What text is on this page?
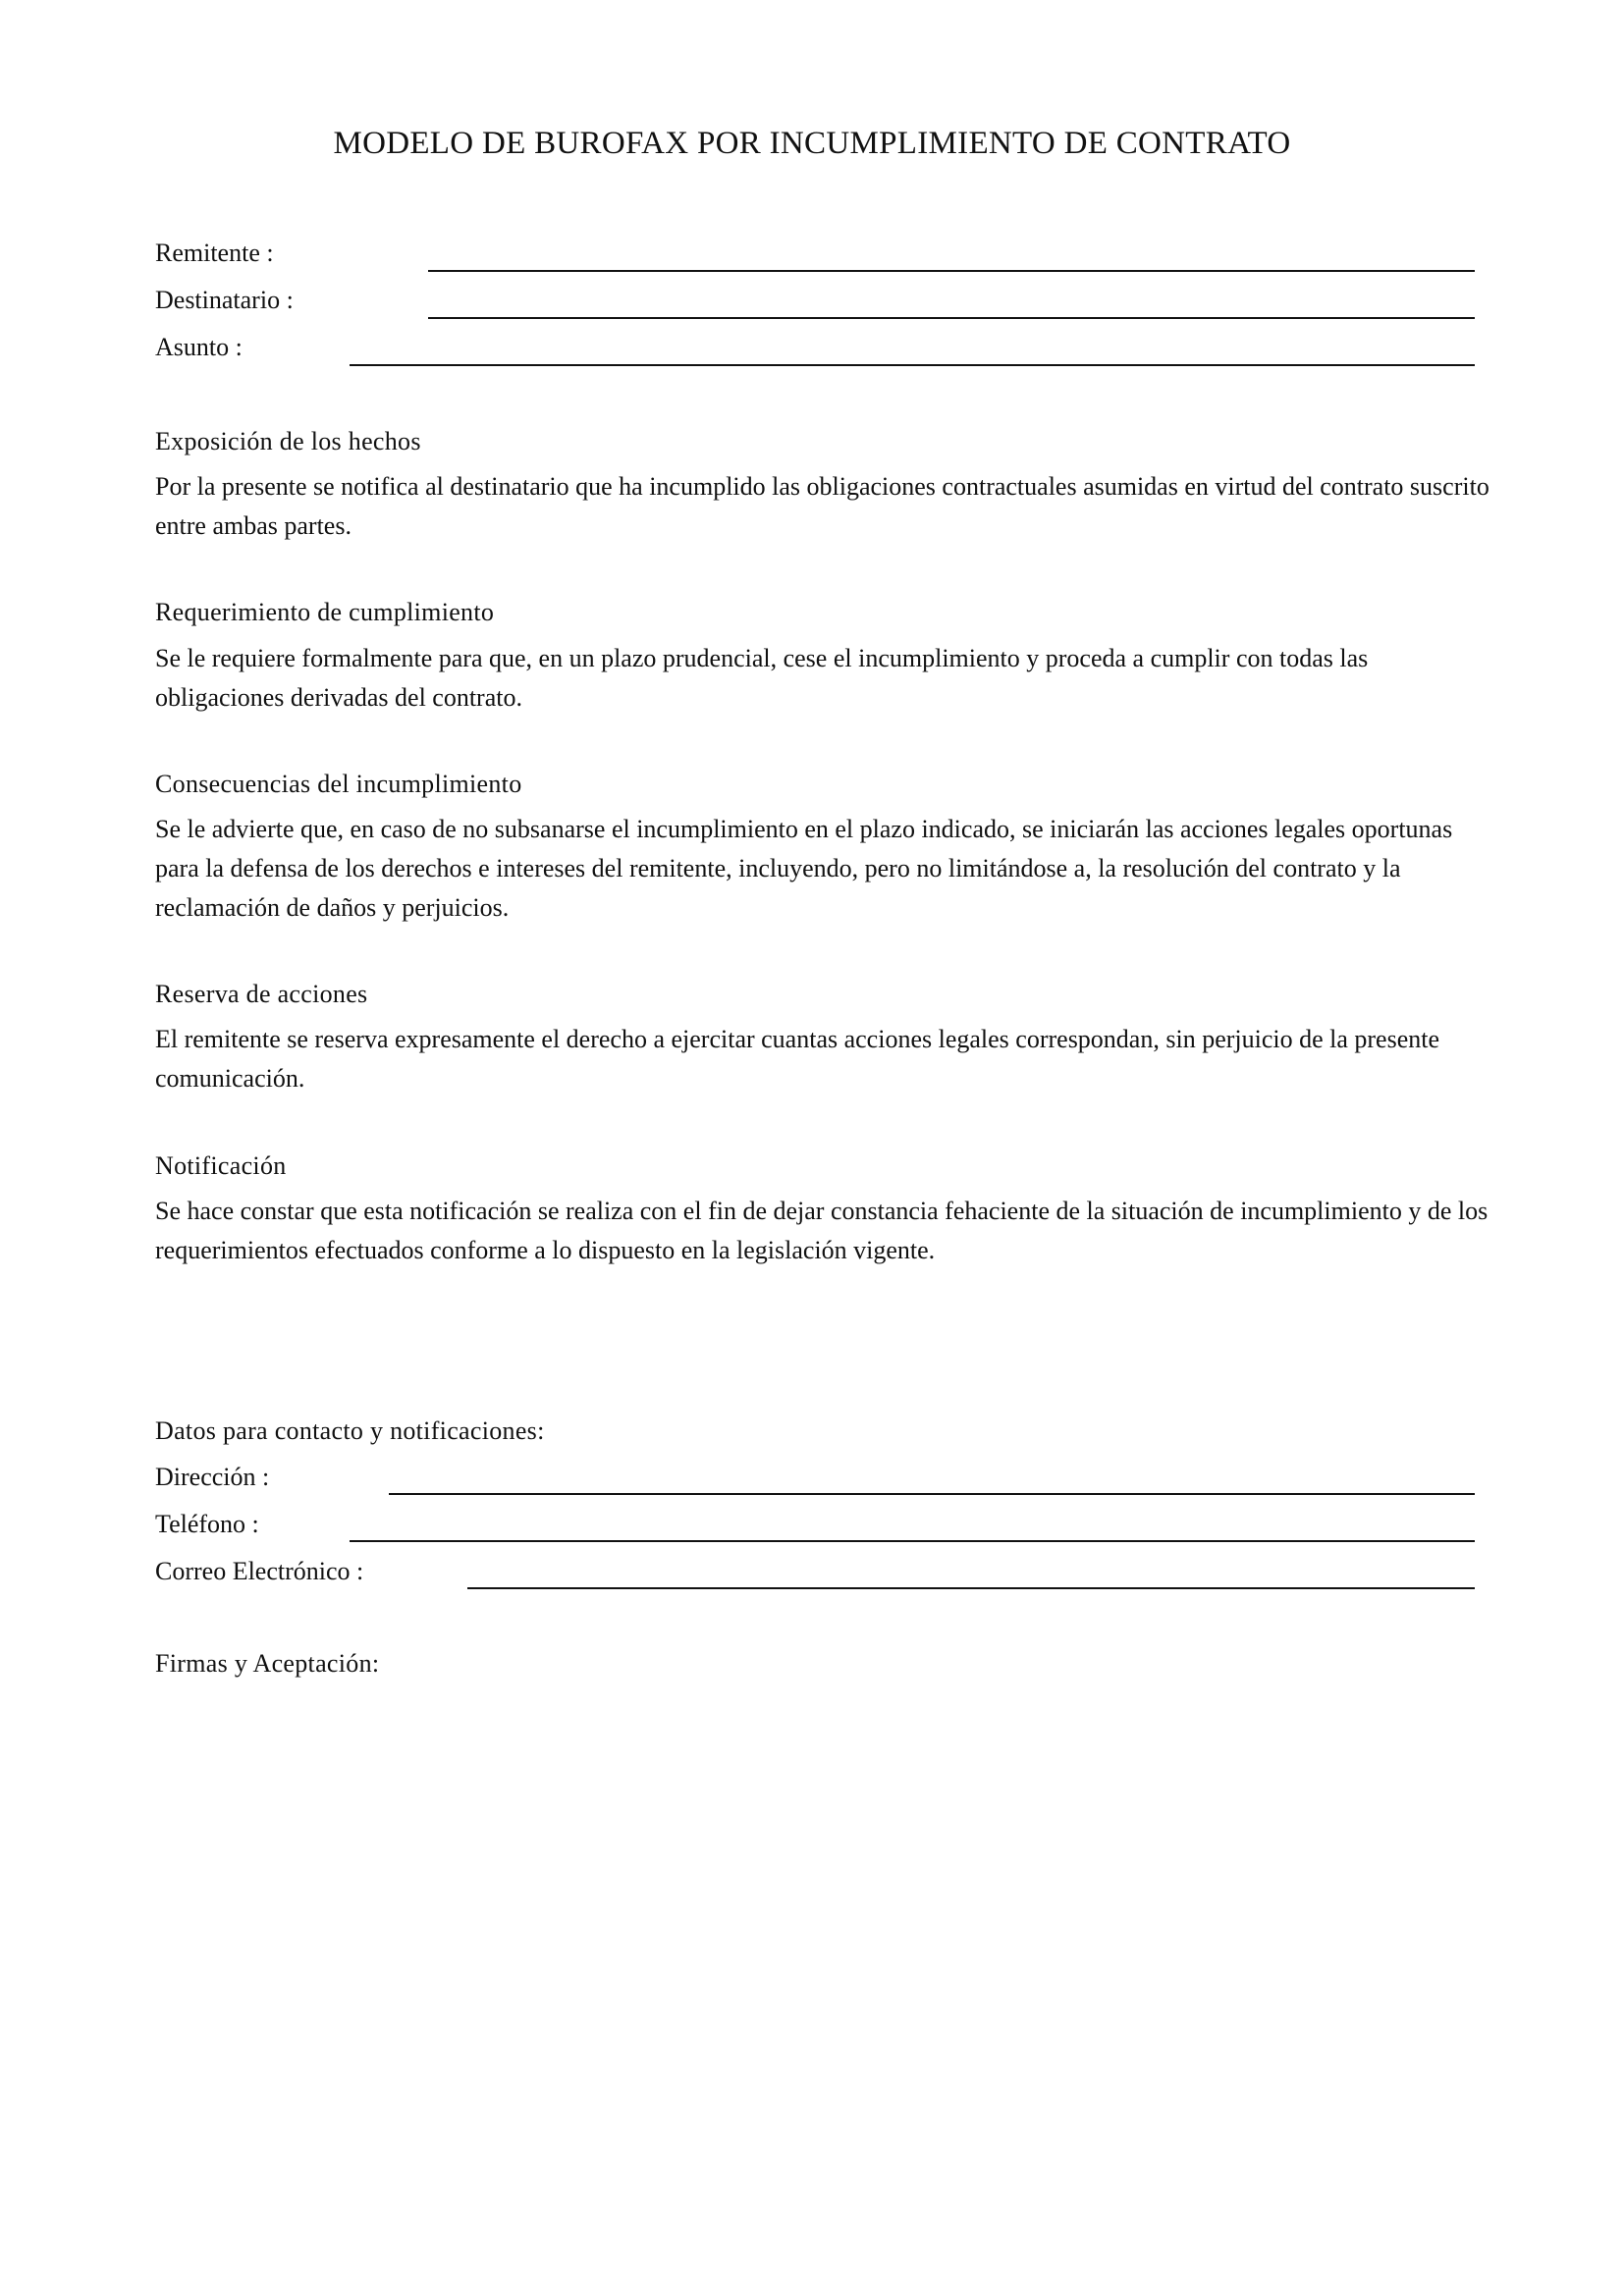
MODELO DE BUROFAX POR INCUMPLIMIENTO DE CONTRATO
Remitente :
Destinatario :
Asunto :
Exposición de los hechos

Por la presente se notifica al destinatario que ha incumplido las obligaciones contractuales asumidas en virtud del contrato suscrito entre ambas partes.

Requerimiento de cumplimiento

Se le requiere formalmente para que, en un plazo prudencial, cese el incumplimiento y proceda a cumplir con todas las obligaciones derivadas del contrato.

Consecuencias del incumplimiento

Se le advierte que, en caso de no subsanarse el incumplimiento en el plazo indicado, se iniciarán las acciones legales oportunas para la defensa de los derechos e intereses del remitente, incluyendo, pero no limitándose a, la resolución del contrato y la reclamación de daños y perjuicios.

Reserva de acciones

El remitente se reserva expresamente el derecho a ejercitar cuantas acciones legales correspondan, sin perjuicio de la presente comunicación.

Notificación

Se hace constar que esta notificación se realiza con el fin de dejar constancia fehaciente de la situación de incumplimiento y de los requerimientos efectuados conforme a lo dispuesto en la legislación vigente.

Datos para contacto y notificaciones:
Dirección :
Teléfono :
Correo Electrónico :
Firmas y Aceptación:
